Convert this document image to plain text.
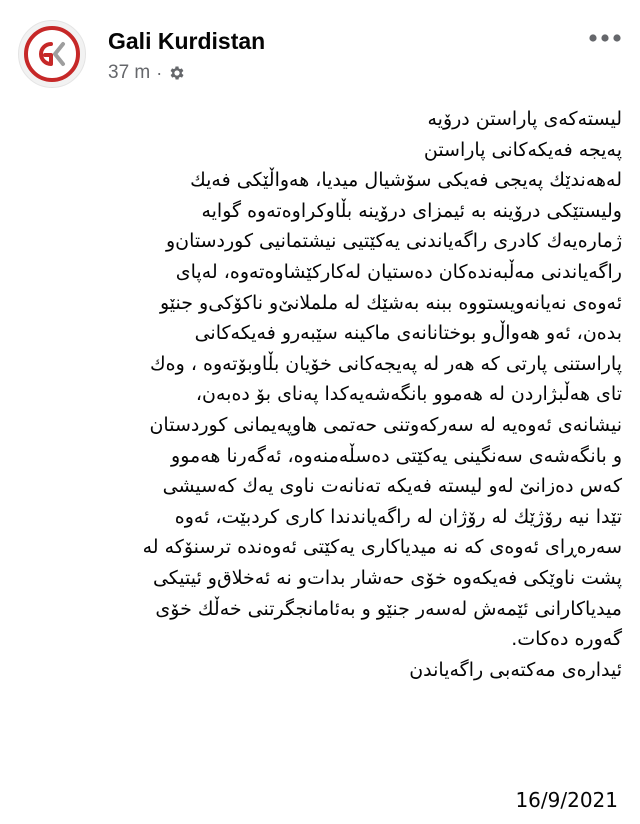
Gali Kurdistan
37 m ·
لیستەکەی پاراستن درۆیە
پەیجە فەیکەکانی پاراستن
لەهەندێك پەیجی فەیکی سۆشیال میدیا، هەواڵێکی فەیك
ولیستێکی درۆینە بە ئیمزای درۆینە بڵاوکراوەتەوە گوایە
ژمارەیەك كادری راگەیاندنی یەکێتیی نیشتمانیی کوردستان‌و
راگەیاندنی مەڵبەندەکان دەستیان لەکارکێشاوەتەوە، لەپای
ئەوەی نەیانەویستووە ببنە بەشێك لە ململانێ‌و ناکۆکی‌و جنێو
بدەن، ئەو هەواڵ‌و بوختانانەی ماکینە سێبەرو فەیکەکانی
پاراستنی پارتی کە هەر لە پەیجەکانی خۆیان بڵاوبۆتەوە ، وەك
تای هەڵبژاردن لە هەموو بانگەشەیەکدا پەنای بۆ دەبەن،
نیشانەی ئەوەیە لە سەرکەوتنی حەتمی هاوپەیمانی کوردستان
و بانگەشەی سەنگینی یەکێتی دەسڵەمنەوە، ئەگەرنا هەموو
کەس دەزانێ لەو لیستە فەیکە تەنانەت ناوی یەك کەسیشی
تێدا نیە رۆژێك لە رۆژان لە راگەیاندندا کاری کردبێت، ئەوە
سەرەڕای ئەوەی کە نە میدیاکاری یەکێتی ئەوەندە ترسنۆکە لە
پشت ناوێکی فەیکەوە خۆی حەشار بدات‌و نە ئەخلاق‌و ئیتیکی
میدیاکارانی ئێمەش لەسەر جنێو و بەئامانجگرتنی خەڵك خۆی
گەورە دەکات.
ئیدارەی مەکتەبی راگەیاندن
16/9/2021
